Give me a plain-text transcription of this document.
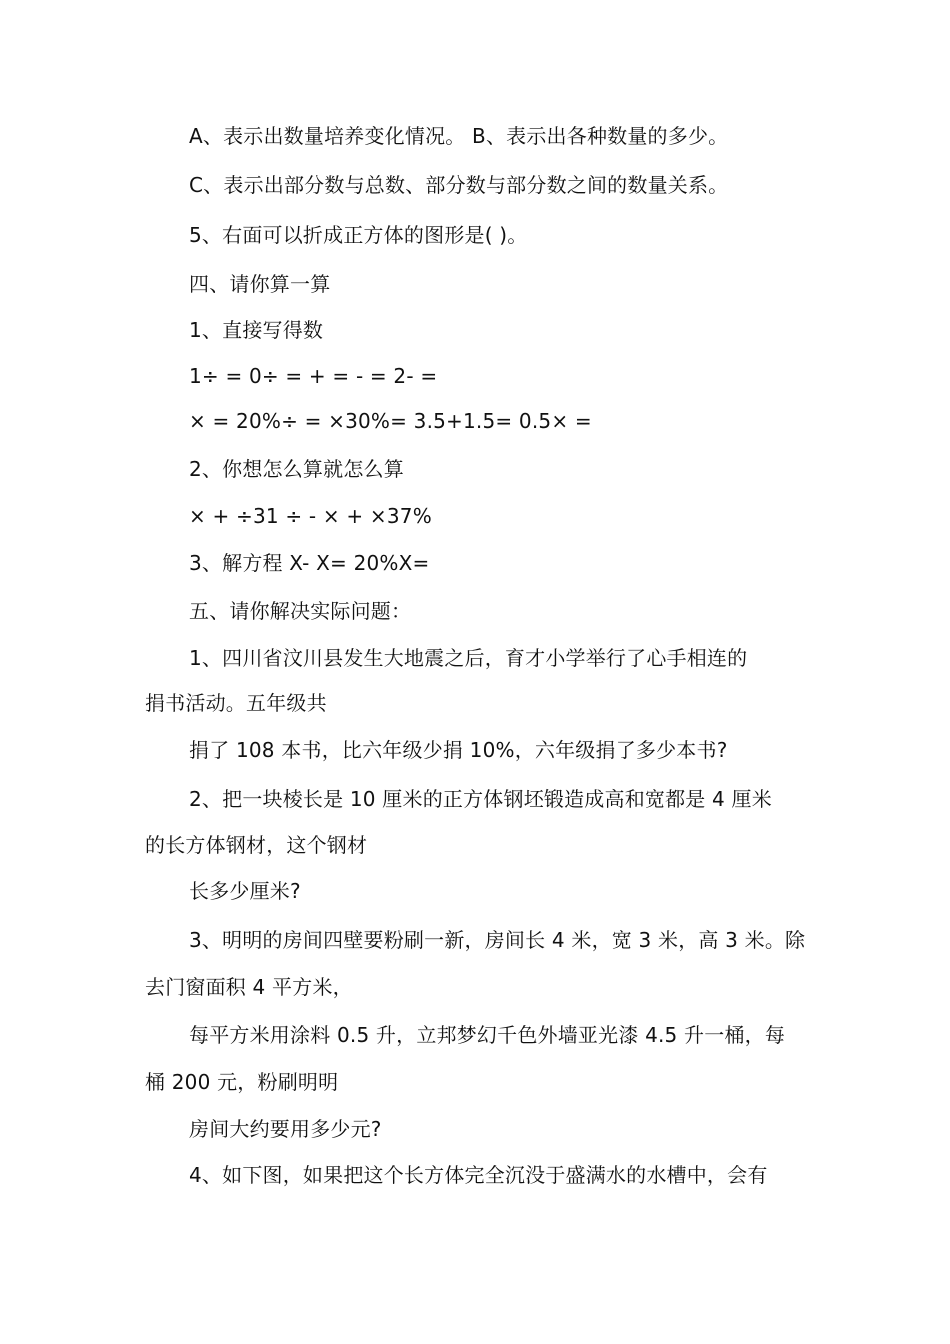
A、表示出数量培养变化情况。 B、表示出各种数量的多少。
C、表示出部分数与总数、部分数与部分数之间的数量关系。
5、右面可以折成正方体的图形是( )。
四、请你算一算
1、直接写得数
1÷ = 0÷ = + = - = 2- =
× = 20%÷ = ×30%= 3.5+1.5= 0.5× =
2、你想怎么算就怎么算
× + ÷31 ÷ - × + ×37%
3、解方程 X- X= 20%X=
五、请你解决实际问题：
1、四川省汶川县发生大地震之后，育才小学举行了心手相连的
捐书活动。五年级共
捐了 108 本书，比六年级少捐 10%，六年级捐了多少本书?
2、把一块棱长是 10 厘米的正方体钢坯锻造成高和宽都是 4 厘米
的长方体钢材，这个钢材
长多少厘米?
3、明明的房间四壁要粉刷一新，房间长 4 米，宽 3 米，高 3 米。除
去门窗面积 4 平方米，
每平方米用涂料 0.5 升，立邦梦幻千色外墙亚光漆 4.5 升一桶，每
桶 200 元，粉刷明明
房间大约要用多少元?
4、如下图，如果把这个长方体完全沉没于盛满水的水槽中，会有
